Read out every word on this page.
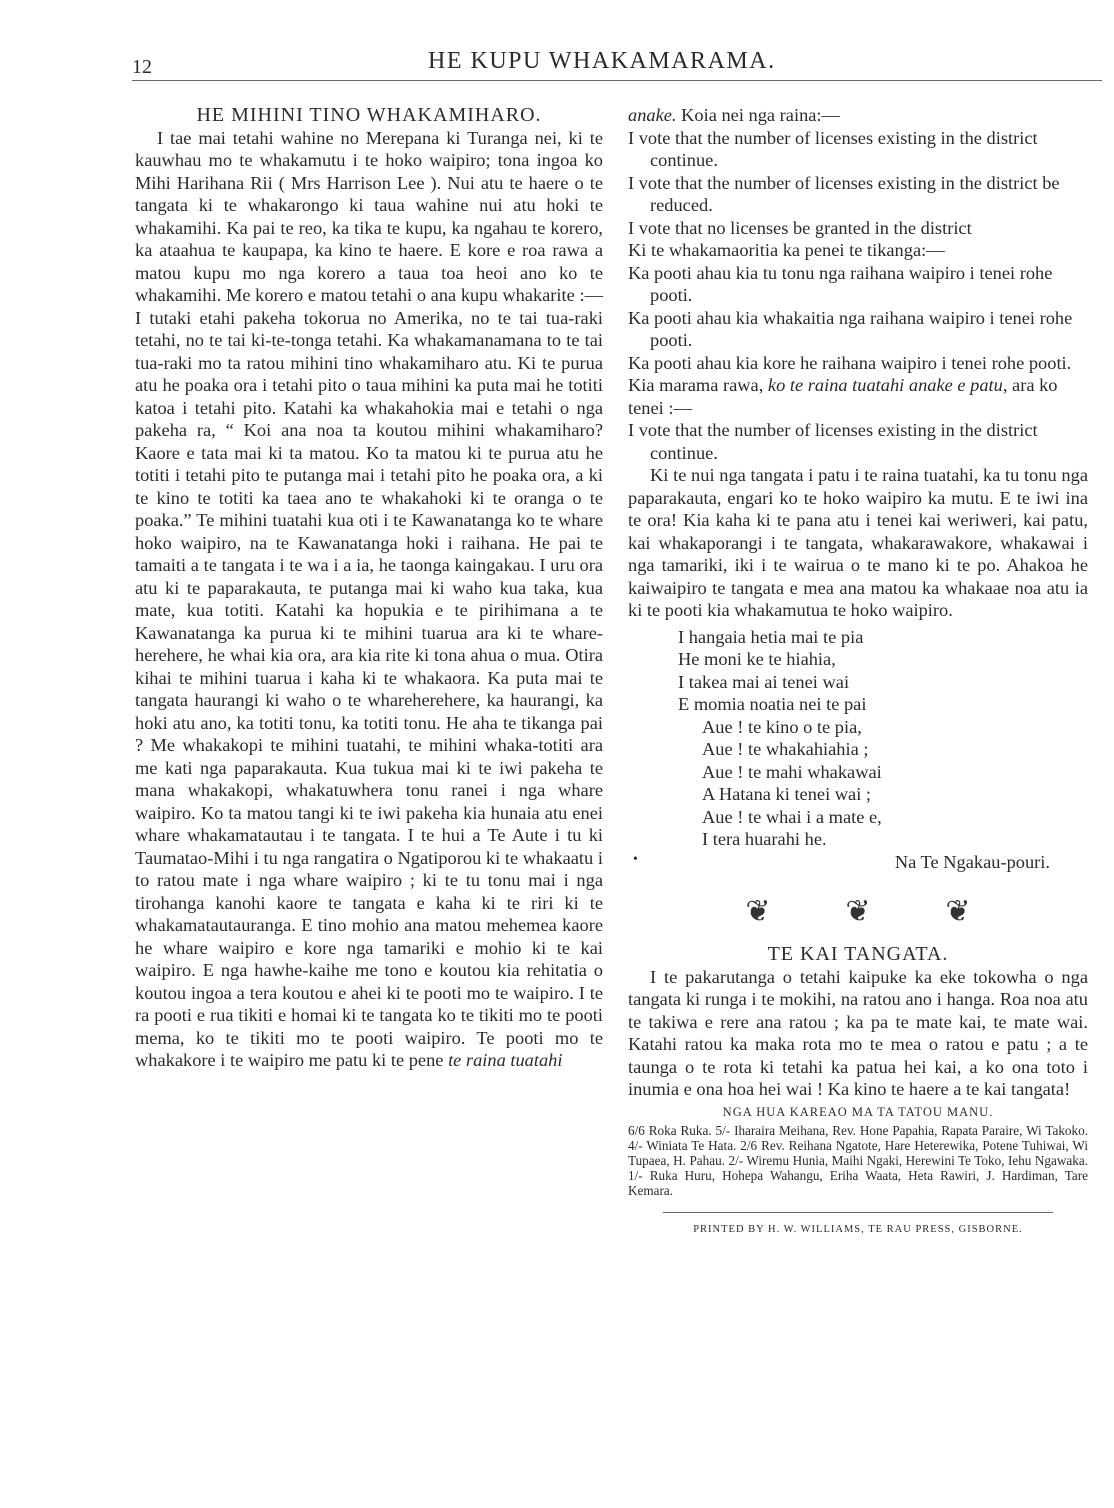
12	HE KUPU WHAKAMARAMA.

HE MIHINI TINO WHAKAMIHARO.

I tae mai tetahi wahine no Merepana ki Turanga nei, ki te kauwhau mo te whakamutu i te hoko waipiro; tona ingoa ko Mihi Harihana Rii ( Mrs Harrison Lee ). Nui atu te haere o te tangata ki te whakarongo ki taua wahine nui atu hoki te whakamihi. Ka pai te reo, ka tika te kupu, ka ngahau te korero, ka ataahua te kaupapa, ka kino te haere. E kore e roa rawa a matou kupu mo nga korero a taua toa heoi ano ko te whakamihi. Me korero e matou tetahi o ana kupu whakarite :— I tutaki etahi pakeha tokorua no Amerika, no te tai tua-raki tetahi, no te tai ki-te-tonga tetahi. Ka whakamanamana to te tai tua-raki mo ta ratou mihini tino whakamiharo atu. Ki te purua atu he poaka ora i tetahi pito o taua mihini ka puta mai he totiti katoa i tetahi pito. Katahi ka whakahokia mai e tetahi o nga pakeha ra, “ Koi ana noa ta koutou mihini whakamiharo? Kaore e tata mai ki ta matou. Ko ta matou ki te purua atu he totiti i tetahi pito te putanga mai i tetahi pito he poaka ora, a ki te kino te totiti ka taea ano te whakahoki ki te oranga o te poaka.” Te mihini tuatahi kua oti i te Kawanatanga ko te whare hoko waipiro, na te Kawanatanga hoki i raihana. He pai te tamaiti a te tangata i te wa i a ia, he taonga kaingakau. I uru ora atu ki te paparakauta, te putanga mai ki waho kua taka, kua mate, kua totiti. Katahi ka hopukia e te pirihimana a te Kawanatanga ka purua ki te mihini tuarua ara ki te whare-herehere, he whai kia ora, ara kia rite ki tona ahua o mua. Otira kihai te mihini tuarua i kaha ki te whakaora. Ka puta mai te tangata haurangi ki waho o te whareherehere, ka haurangi, ka hoki atu ano, ka totiti tonu, ka totiti tonu. He aha te tikanga pai ? Me whakakopi te mihini tuatahi, te mihini whaka-totiti ara me kati nga paparakauta. Kua tukua mai ki te iwi pakeha te mana whakakopi, whakatuwhera tonu ranei i nga whare waipiro. Ko ta matou tangi ki te iwi pakeha kia hunaia atu enei whare whakamatautau i te tangata. I te hui a Te Aute i tu ki Taumatao-Mihi i tu nga rangatira o Ngatiporou ki te whakaatu i to ratou mate i nga whare waipiro ; ki te tu tonu mai i nga tirohanga kanohi kaore te tangata e kaha ki te riri ki te whakamatautauranga. E tino mohio ana matou mehemea kaore he whare waipiro e kore nga tamariki e mohio ki te kai waipiro. E nga hawhe-kaihe me tono e koutou kia rehitatia o koutou ingoa a tera koutou e ahei ki te pooti mo te waipiro. I te ra pooti e rua tikiti e homai ki te tangata ko te tikiti mo te pooti mema, ko te tikiti mo te pooti waipiro. Te pooti mo te whakakore i te waipiro me patu ki te pene te raina tuatahi

anake. Koia nei nga raina:—

I vote that the number of licenses existing in the district continue.

I vote that the number of licenses existing in the district be reduced.

I vote that no licenses be granted in the district

Ki te whakamaoritia ka penei te tikanga:—

Ka pooti ahau kia tu tonu nga raihana waipiro i tenei rohe pooti.

Ka pooti ahau kia whakaitia nga raihana waipiro i tenei rohe pooti.

Ka pooti ahau kia kore he raihana waipiro i tenei rohe pooti.

Kia marama rawa, ko te raina tuatahi anake e patu, ara ko tenei :—

I vote that the number of licenses existing in the district continue.

Ki te nui nga tangata i patu i te raina tuatahi, ka tu tonu nga paparakauta, engari ko te hoko waipiro ka mutu. E te iwi ina te ora! Kia kaha ki te pana atu i tenei kai weriweri, kai patu, kai whakaporangi i te tangata, whakarawakore, whakawai i nga tamariki, iki i te wairua o te mano ki te po. Ahakoa he kaiwaipiro te tangata e mea ana matou ka whakaae noa atu ia ki te pooti kia whakamutua te hoko waipiro.

I hangaia hetia mai te pia
He moni ke te hiahia,
I takea mai ai tenei wai
E momia noatia nei te pai
Aue ! te kino o te pia,
Aue ! te whakahiahia ;
Aue ! te mahi whakawai
A Hatana ki tenei wai ;
Aue ! te whai i a mate e,
I tera huarahi he.

Na Te Ngakau-pouri.

❦ ❦ ❦

TE KAI TANGATA.

I te pakarutanga o tetahi kaipuke ka eke tokowha o nga tangata ki runga i te mokihi, na ratou ano i hanga. Roa noa atu te takiwa e rere ana ratou ; ka pa te mate kai, te mate wai. Katahi ratou ka maka rota mo te mea o ratou e patu ; a te taunga o te rota ki tetahi ka patua hei kai, a ko ona toto i inumia e ona hoa hei wai ! Ka kino te haere a te kai tangata!

NGA HUA KAREAO MA TA TATOU MANU.

6/6 Roka Ruka. 5/- Iharaira Meihana, Rev. Hone Papahia, Rapata Paraire, Wi Takoko. 4/- Winiata Te Hata. 2/6 Rev. Reihana Ngatote, Hare Heterewika, Potene Tuhiwai, Wi Tupaea, H. Pahau. 2/- Wiremu Hunia, Maihi Ngaki, Herewini Te Toko, Iehu Ngawaka. 1/- Ruka Huru, Hohepa Wahangu, Eriha Waata, Heta Rawiri, J. Hardiman, Tare Kemara.

PRINTED BY H. W. WILLIAMS, TE RAU PRESS, GISBORNE.

•
